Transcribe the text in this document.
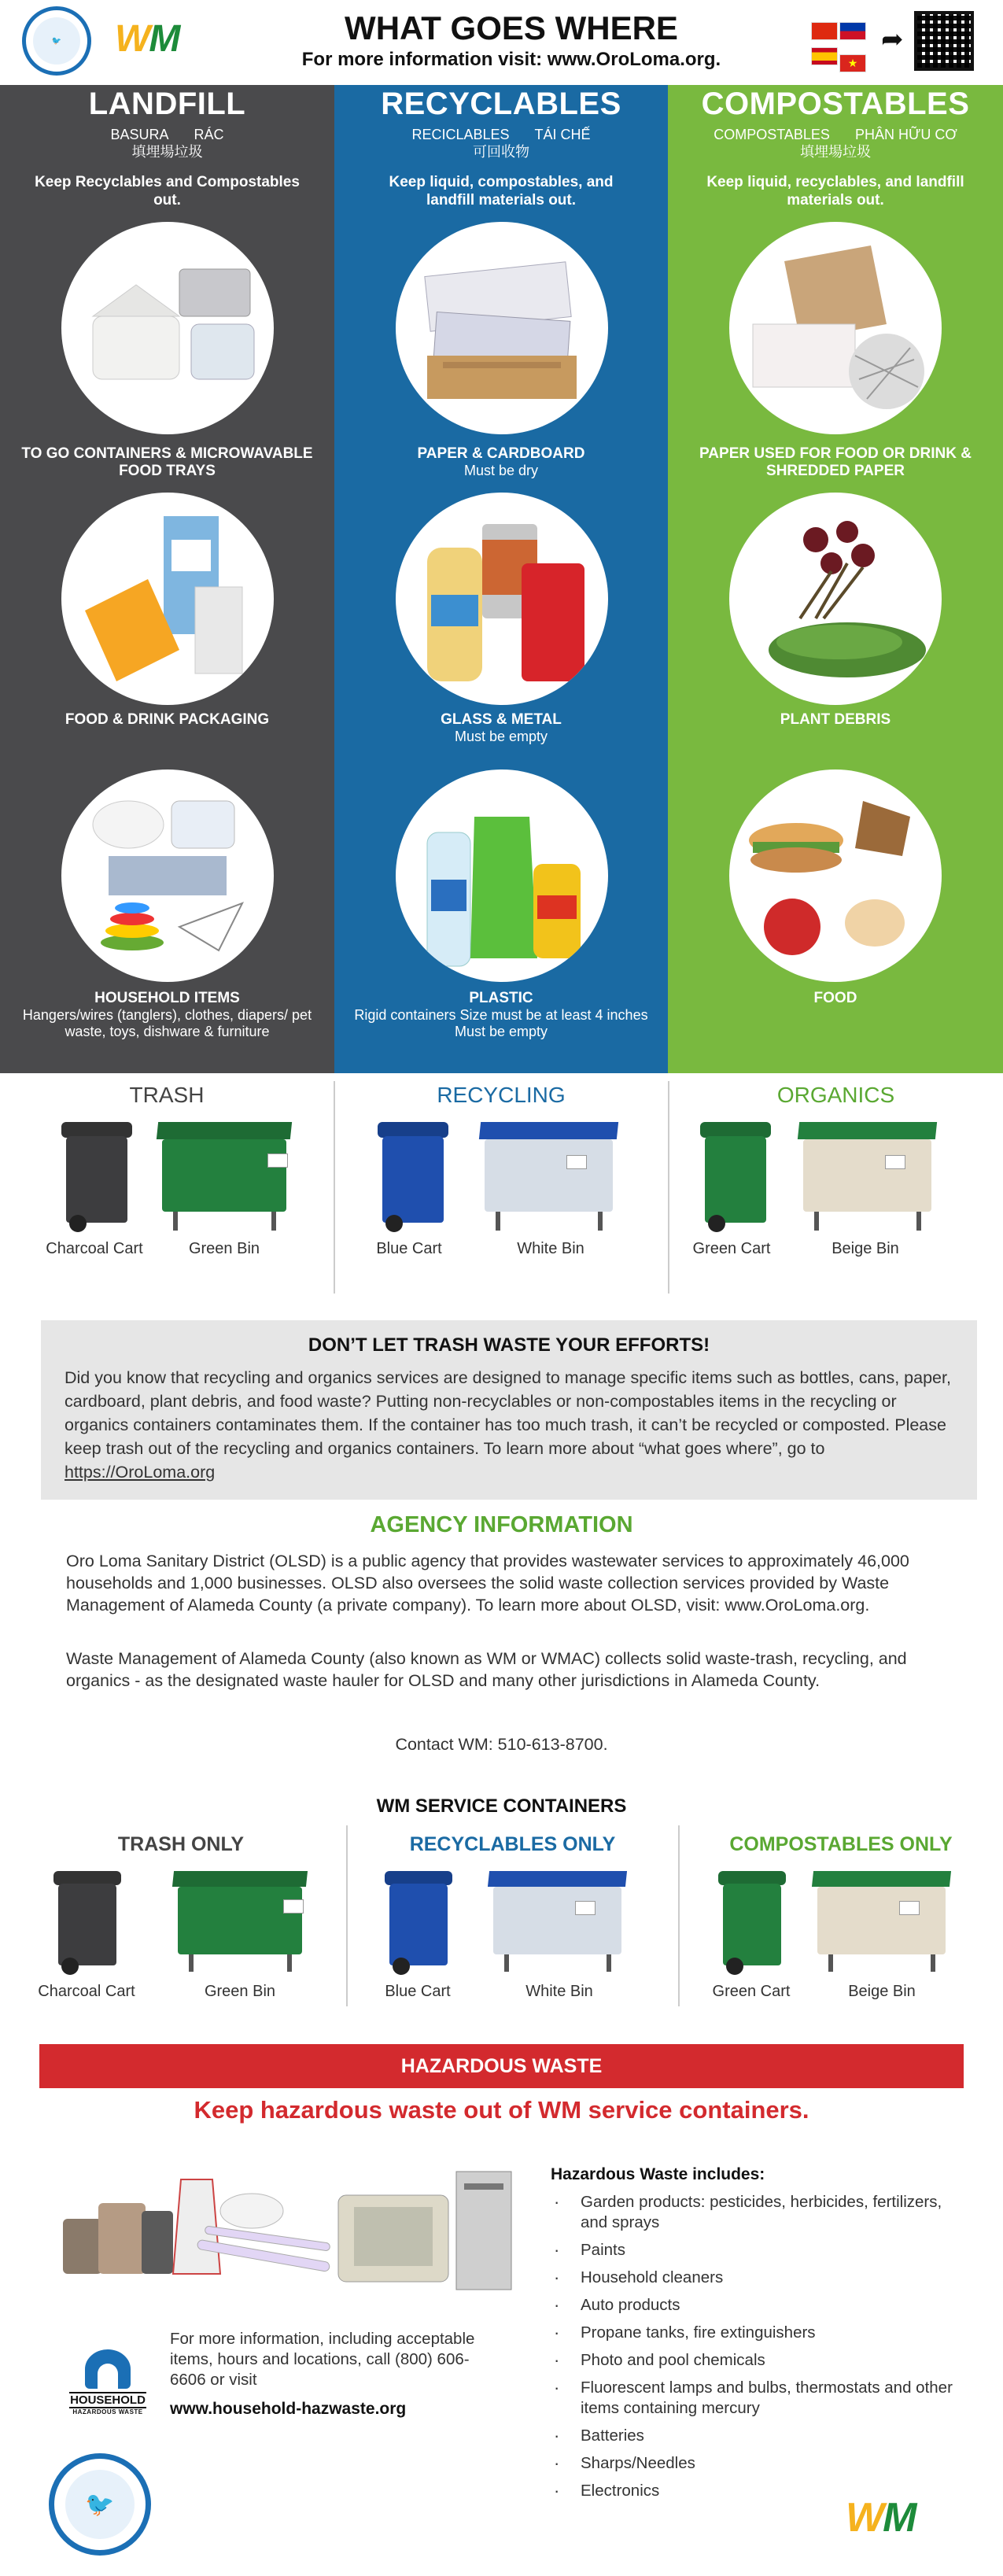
🐦	WM	WHAT GOES WHERE
For more information visit: www.OroLoma.org.	★
➦
LANDFILL
BASURA RÁC
填埋場垃圾
Keep Recyclables and Compostables out.
TO GO CONTAINERS & MICROWAVABLE FOOD TRAYS
FOOD & DRINK PACKAGING
HOUSEHOLD ITEMS
Hangers/wires (tanglers), clothes, diapers/ pet waste, toys, dishware & furniture
RECYCLABLES
RECICLABLES TÁI CHẾ
可回收物
Keep liquid, compostables, and landfill materials out.
PAPER & CARDBOARD
Must be dry
GLASS & METAL
Must be empty
PLASTIC
Rigid containers Size must be at least 4 inches Must be empty
COMPOSTABLES
COMPOSTABLES PHÂN HỮU CƠ
填埋場垃圾
Keep liquid, recyclables, and landfill materials out.
PAPER USED FOR FOOD OR DRINK & SHREDDED PAPER
PLANT DEBRIS
FOOD
TRASH
Charcoal Cart	Green Bin
RECYCLING
Blue Cart	White Bin
ORGANICS
Green Cart	Beige Bin
DON’T LET TRASH WASTE YOUR EFFORTS!

Did you know that recycling and organics services are designed to manage specific items such as bottles, cans, paper, cardboard, plant debris, and food waste? Putting non-recyclables or non-compostables items in the recycling or organics containers contaminates them. If the container has too much trash, it can’t be recycled or composted. Please keep trash out of the recycling and organics containers. To learn more about “what goes where”, go to https://OroLoma.org

AGENCY INFORMATION
Oro Loma Sanitary District (OLSD) is a public agency that provides wastewater services to approximately 46,000 households and 1,000 businesses. OLSD also oversees the solid waste collection services provided by Waste Management of Alameda County (a private company). To learn more about OLSD, visit: www.OroLoma.org.
Waste Management of Alameda County (also known as WM or WMAC) collects solid waste-trash, recycling, and organics - as the designated waste hauler for OLSD and many other jurisdictions in Alameda County.
Contact WM: 510-613-8700.
WM SERVICE CONTAINERS
TRASH ONLY
Charcoal Cart	Green Bin
RECYCLABLES ONLY
Blue Cart	White Bin
COMPOSTABLES ONLY
Green Cart	Beige Bin
HAZARDOUS WASTE
Keep hazardous waste out of WM service containers.
Hazardous Waste includes:
· Garden products: pesticides, herbicides, fertilizers, and sprays
· Paints
· Household cleaners
· Auto products
· Propane tanks, fire extinguishers
· Photo and pool chemicals
· Fluorescent lamps and bulbs, thermostats and other items containing mercury
· Batteries
· Sharps/Needles
· Electronics
HOUSEHOLD
HAZARDOUS WASTE
For more information, including acceptable items, hours and locations, call (800) 606-6606 or visit
www.household-hazwaste.org
🐦	WM
